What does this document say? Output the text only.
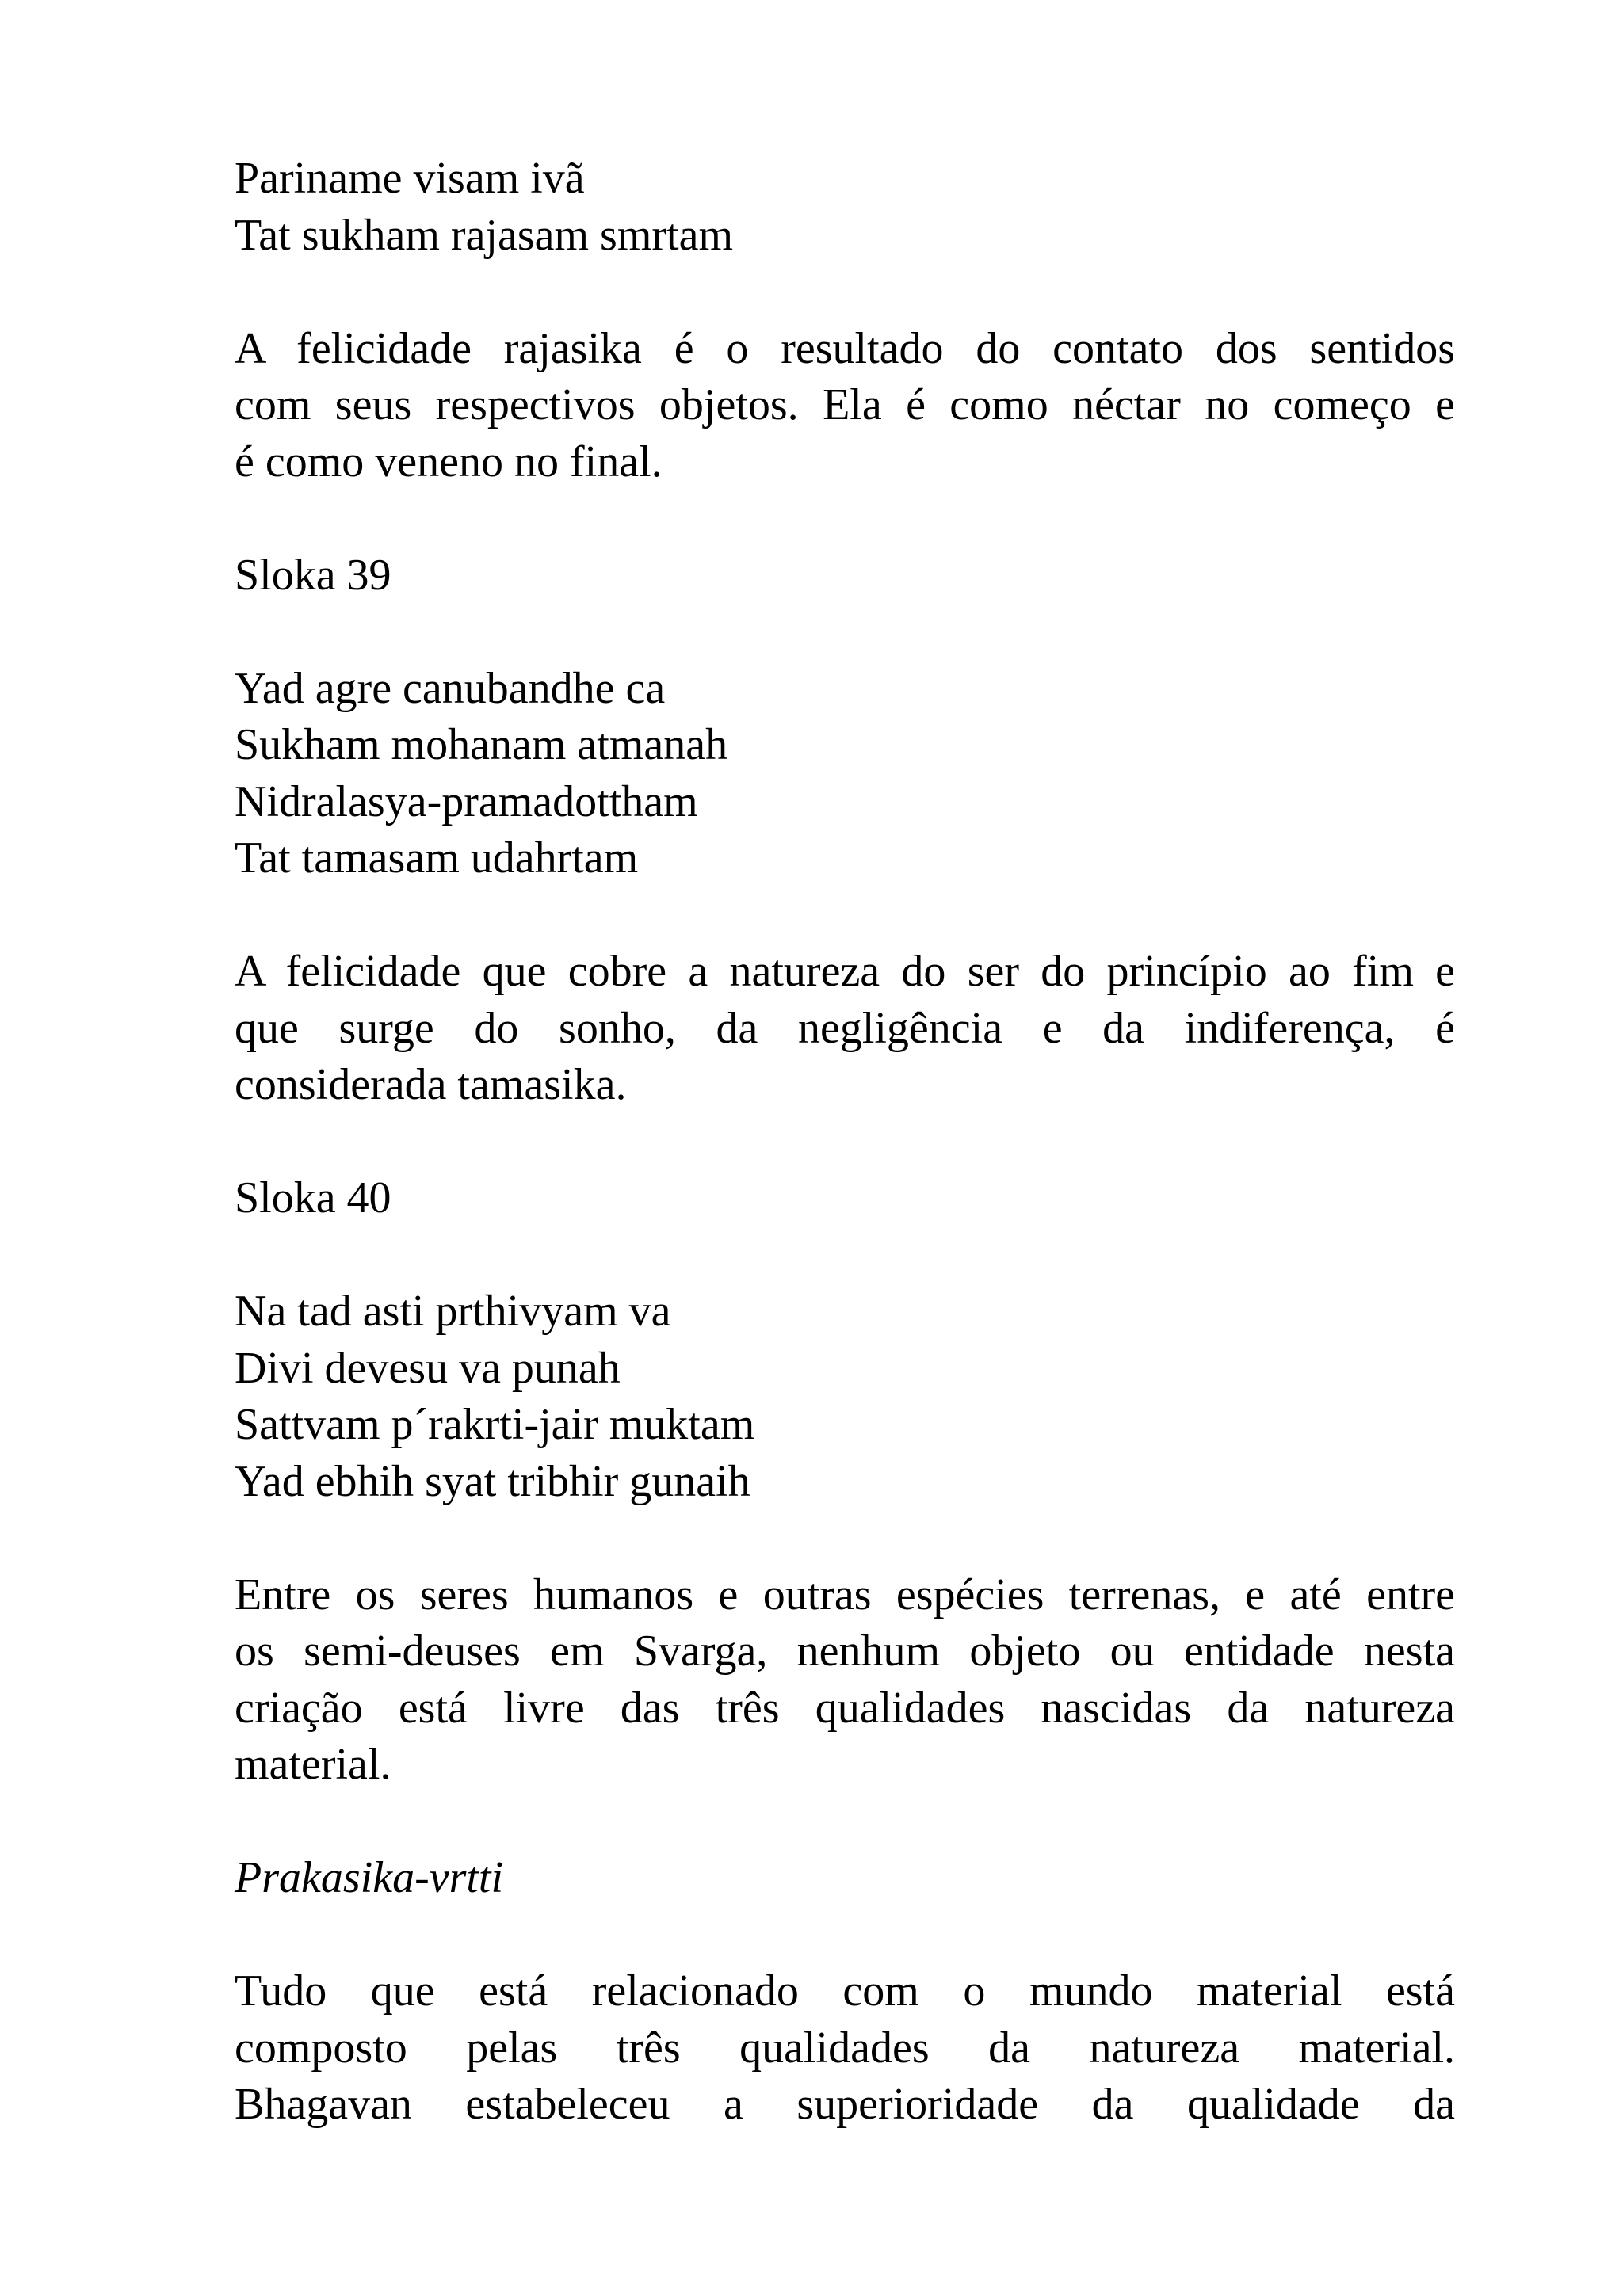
Pariname visam ivã
Tat sukham rajasam smrtam
A felicidade rajasika é o resultado do contato dos sentidos
com seus respectivos objetos. Ela é como néctar no começo e
é como veneno no final.
Sloka 39
Yad agre canubandhe ca
Sukham mohanam atmanah
Nidralasya-pramadottham
Tat tamasam udahrtam
A felicidade que cobre a natureza do ser do princípio ao fim e
que surge do sonho, da negligência e da indiferença, é
considerada tamasika.
Sloka 40
Na tad asti prthivyam va
Divi devesu va punah
Sattvam p´rakrti-jair muktam
Yad ebhih syat tribhir gunaih
Entre os seres humanos e outras espécies terrenas, e até entre
os semi-deuses em Svarga, nenhum objeto ou entidade nesta
criação está livre das três qualidades nascidas da natureza
material.
Prakasika-vrtti
Tudo que está relacionado com o mundo material está
composto pelas três qualidades da natureza material.
Bhagavan estabeleceu a superioridade da qualidade da
